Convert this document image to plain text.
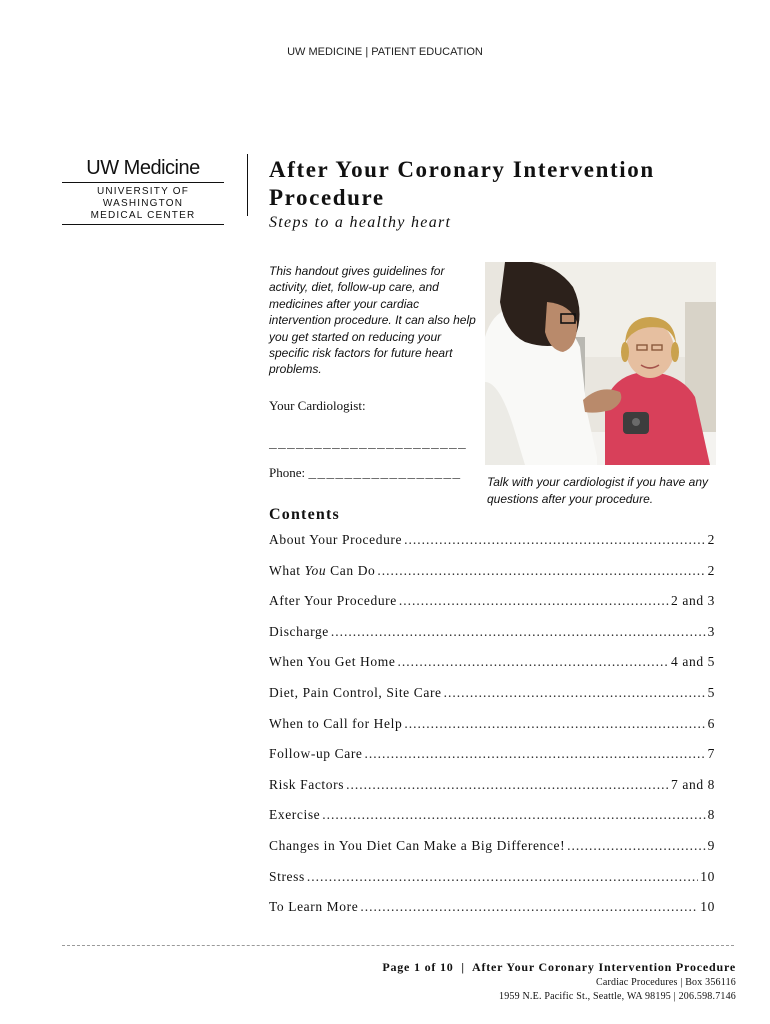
UW MEDICINE | PATIENT EDUCATION
UW Medicine
UNIVERSITY OF WASHINGTON
MEDICAL CENTER
After Your Coronary Intervention
Procedure

Steps to a healthy heart

This handout gives guidelines for activity, diet, follow-up care, and medicines after your cardiac intervention procedure. It can also help you get started on reducing your specific risk factors for future heart problems.

Your Cardiologist:
______________________
Phone: _________________

Talk with your cardiologist if you have any questions after your procedure.

Contents
About Your Procedure .....	2
What You Can Do .....	2
After Your Procedure .....	2 and 3
Discharge .....	3
When You Get Home .....	4 and 5
Diet, Pain Control, Site Care .....	5
When to Call for Help .....	6
Follow-up Care .....	7
Risk Factors .....	7 and 8
Exercise .....	8
Changes in You Diet Can Make a Big Difference! .....	9
Stress .....	10
To Learn More .....	10

Page 1 of 10 | After Your Coronary Intervention Procedure

Cardiac Procedures | Box 356116

1959 N.E. Pacific St., Seattle, WA 98195 | 206.598.7146
